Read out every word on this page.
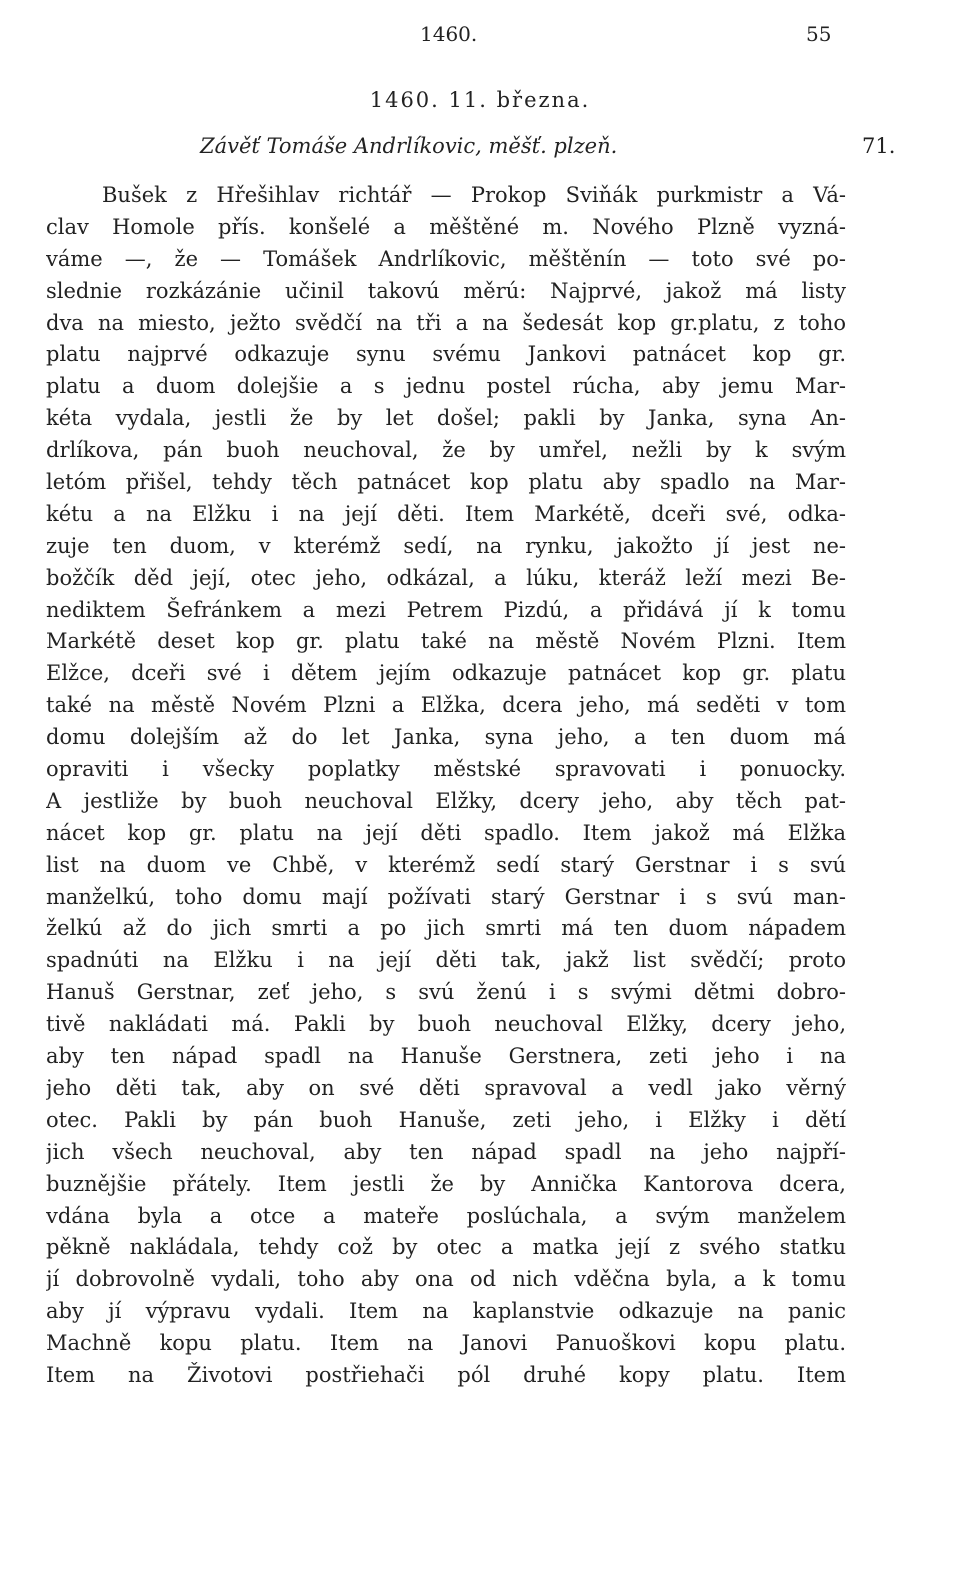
1460.	55
1460. 11. března.
Závěť Tomáše Andrlíkovic, měšť. plzeň.	71.
Bušek z Hřešihlav richtář — Prokop Sviňák purkmistr a Vá-
clav Homole přís. konšelé a měštěné m. Nového Plzně vyzná-
váme —, že — Tomášek Andrlíkovic, měštěnín — toto své po-
slednie rozkázánie učinil takovú měrú: Najprvé, jakož má listy
dva na miesto, ježto svědčí na tři a na šedesát kop gr.platu, z toho
platu najprvé odkazuje synu svému Jankovi patnácet kop gr.
platu a duom dolejšie a s jednu postel rúcha, aby jemu Mar-
kéta vydala, jestli že by let došel; pakli by Janka, syna An-
drlíkova, pán buoh neuchoval, že by umřel, nežli by k svým
letóm přišel, tehdy těch patnácet kop platu aby spadlo na Mar-
kétu a na Elžku i na její děti. Item Markétě, dceři své, odka-
zuje ten duom, v kterémž sedí, na rynku, jakožto jí jest ne-
božčík děd její, otec jeho, odkázal, a lúku, kteráž leží mezi Be-
nediktem Šefránkem a mezi Petrem Pizdú, a přidává jí k tomu
Markétě deset kop gr. platu také na městě Novém Plzni. Item
Elžce, dceři své i dětem jejím odkazuje patnácet kop gr. platu
také na městě Novém Plzni a Elžka, dcera jeho, má seděti v tom
domu dolejším až do let Janka, syna jeho, a ten duom má
opraviti i všecky poplatky městské spravovati i ponuocky.
A jestliže by buoh neuchoval Elžky, dcery jeho, aby těch pat-
nácet kop gr. platu na její děti spadlo. Item jakož má Elžka
list na duom ve Chbě, v kterémž sedí starý Gerstnar i s svú
manželkú, toho domu mají požívati starý Gerstnar i s svú man-
želkú až do jich smrti a po jich smrti má ten duom nápadem
spadnúti na Elžku i na její děti tak, jakž list svědčí; proto
Hanuš Gerstnar, zeť jeho, s svú ženú i s svými dětmi dobro-
tivě nakládati má. Pakli by buoh neuchoval Elžky, dcery jeho,
aby ten nápad spadl na Hanuše Gerstnera, zeti jeho i na
jeho děti tak, aby on své děti spravoval a vedl jako věrný
otec. Pakli by pán buoh Hanuše, zeti jeho, i Elžky i dětí
jich všech neuchoval, aby ten nápad spadl na jeho najpří-
buznějšie přátely. Item jestli že by Annička Kantorova dcera,
vdána byla a otce a mateře poslúchala, a svým manželem
pěkně nakládala, tehdy což by otec a matka její z svého statku
jí dobrovolně vydali, toho aby ona od nich vděčna byla, a k tomu
aby jí výpravu vydali. Item na kaplanstvie odkazuje na panic
Machně kopu platu. Item na Janovi Panuoškovi kopu platu.
Item na Životovi postřiehači pól druhé kopy platu. Item
